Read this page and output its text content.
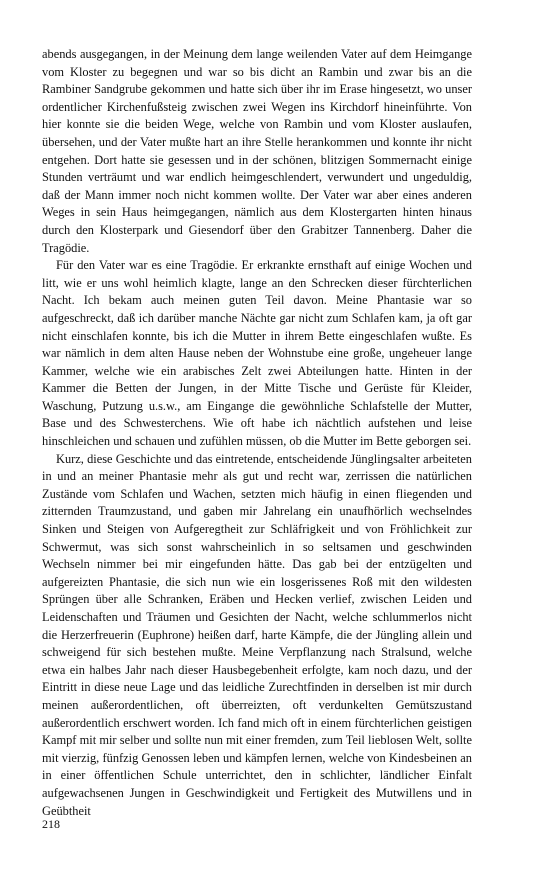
abends ausgegangen, in der Meinung dem lange weilenden Vater auf dem Heimgange vom Kloster zu begegnen und war so bis dicht an Rambin und zwar bis an die Rambiner Sandgrube gekommen und hatte sich über ihr im Erase hingesetzt, wo unser ordentlicher Kirchenfußsteig zwischen zwei Wegen ins Kirchdorf hineinführte. Von hier konnte sie die beiden Wege, welche von Rambin und vom Kloster auslaufen, übersehen, und der Vater mußte hart an ihre Stelle herankommen und konnte ihr nicht entgehen. Dort hatte sie gesessen und in der schönen, blitzigen Sommernacht einige Stunden verträumt und war endlich heimgeschlendert, verwundert und ungeduldig, daß der Mann immer noch nicht kommen wollte. Der Vater war aber eines anderen Weges in sein Haus heimgegangen, nämlich aus dem Klostergarten hinten hinaus durch den Klosterpark und Giesendorf über den Grabitzer Tannenberg. Daher die Tragödie.

Für den Vater war es eine Tragödie. Er erkrankte ernsthaft auf einige Wochen und litt, wie er uns wohl heimlich klagte, lange an den Schrecken dieser fürchterlichen Nacht. Ich bekam auch meinen guten Teil davon. Meine Phantasie war so aufgeschreckt, daß ich darüber manche Nächte gar nicht zum Schlafen kam, ja oft gar nicht einschlafen konnte, bis ich die Mutter in ihrem Bette eingeschlafen wußte. Es war nämlich in dem alten Hause neben der Wohnstube eine große, ungeheuer lange Kammer, welche wie ein arabisches Zelt zwei Abteilungen hatte. Hinten in der Kammer die Betten der Jungen, in der Mitte Tische und Gerüste für Kleider, Waschung, Putzung u.s.w., am Eingange die gewöhnliche Schlafstelle der Mutter, Base und des Schwesterchens. Wie oft habe ich nächtlich aufstehen und leise hinschleichen und schauen und zufühlen müssen, ob die Mutter im Bette geborgen sei.

Kurz, diese Geschichte und das eintretende, entscheidende Jünglingsalter arbeiteten in und an meiner Phantasie mehr als gut und recht war, zerrissen die natürlichen Zustände vom Schlafen und Wachen, setzten mich häufig in einen fliegenden und zitternden Traumzustand, und gaben mir Jahrelang ein unaufhörlich wechselndes Sinken und Steigen von Aufgeregtheit zur Schläfrigkeit und von Fröhlichkeit zur Schwermut, was sich sonst wahrscheinlich in so seltsamen und geschwinden Wechseln nimmer bei mir eingefunden hätte. Das gab bei der entzügelten und aufgereizten Phantasie, die sich nun wie ein losgerissenes Roß mit den wildesten Sprüngen über alle Schranken, Eräben und Hecken verlief, zwischen Leiden und Leidenschaften und Träumen und Gesichten der Nacht, welche schlummerlos nicht die Herzerfreuerin (Euphrone) heißen darf, harte Kämpfe, die der Jüngling allein und schweigend für sich bestehen mußte. Meine Verpflanzung nach Stralsund, welche etwa ein halbes Jahr nach dieser Hausbegebenheit erfolgte, kam noch dazu, und der Eintritt in diese neue Lage und das leidliche Zurechtfinden in derselben ist mir durch meinen außerordentlichen, oft überreizten, oft verdunkelten Gemütszustand außerordentlich erschwert worden. Ich fand mich oft in einem fürchterlichen geistigen Kampf mit mir selber und sollte nun mit einer fremden, zum Teil lieblosen Welt, sollte mit vierzig, fünfzig Genossen leben und kämpfen lernen, welche von Kindesbeinen an in einer öffentlichen Schule unterrichtet, den in schlichter, ländlicher Einfalt aufgewachsenen Jungen in Geschwindigkeit und Fertigkeit des Mutwillens und in Geübtheit

218
